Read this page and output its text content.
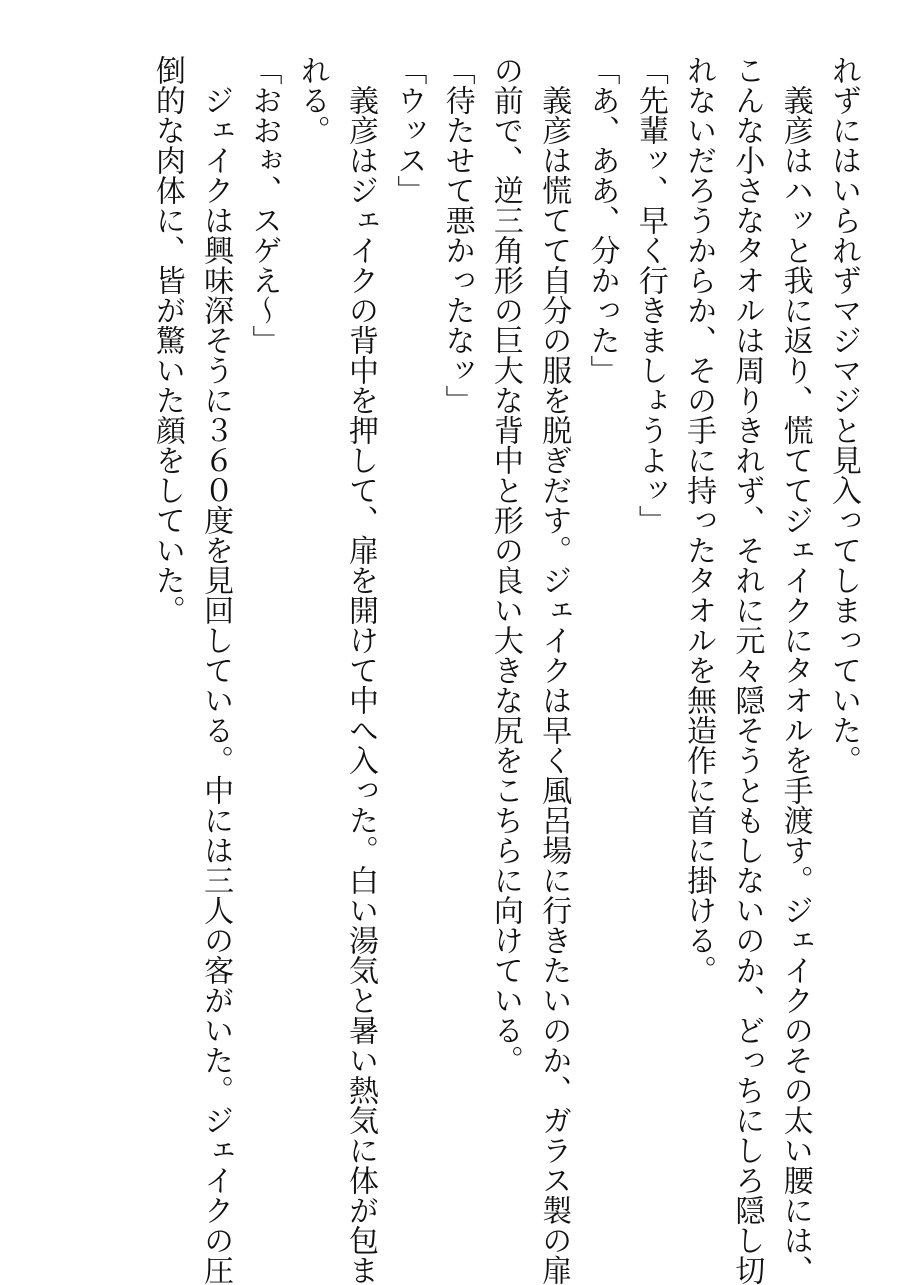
れずにはいられずマジマジと見入ってしまっていた。
　義彦はハッと我に返り、慌ててジェイクにタオルを手渡す。ジェイクのその太い腰には、
こんな小さなタオルは周りきれず、それに元々隠そうともしないのか、どっちにしろ隠し切
れないだろうからか、その手に持ったタオルを無造作に首に掛ける。
「先輩ッ、早く行きましょうよッ」
「あ、ああ、分かった」
　義彦は慌てて自分の服を脱ぎだす。ジェイクは早く風呂場に行きたいのか、ガラス製の扉
の前で、逆三角形の巨大な背中と形の良い大きな尻をこちらに向けている。
「待たせて悪かったなッ」
「ウッス」
　義彦はジェイクの背中を押して、扉を開けて中へ入った。白い湯気と暑い熱気に体が包ま
れる。
「おおぉ、スゲえ～」
　ジェイクは興味深そうに３６０度を見回している。中には三人の客がいた。ジェイクの圧
倒的な肉体に、皆が驚いた顔をしていた。
